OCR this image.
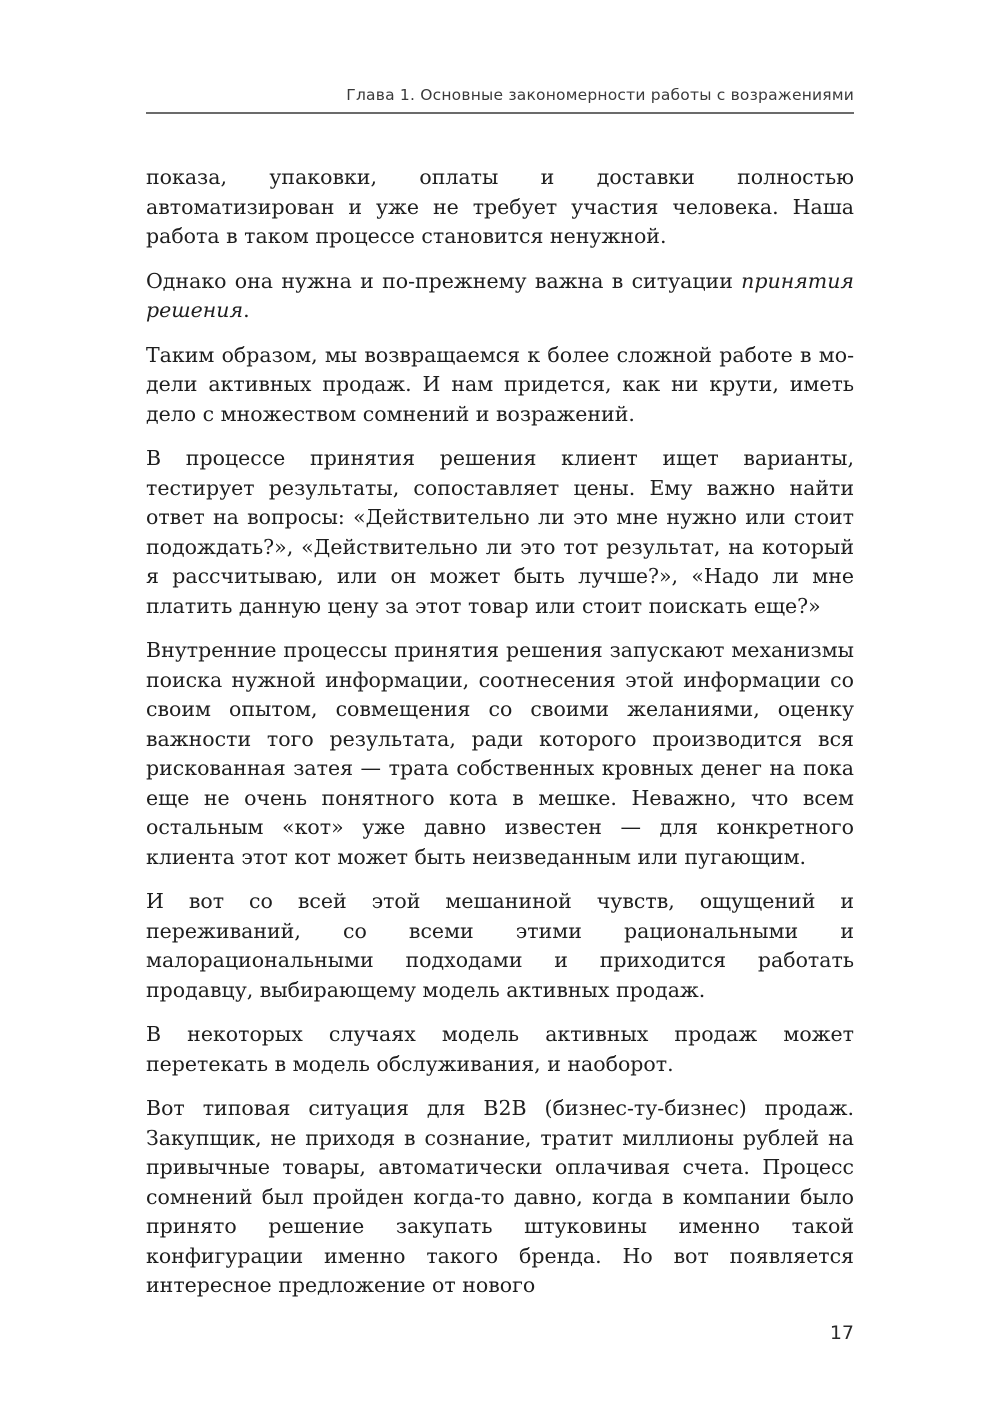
Глава 1. Основные закономерности работы с возражениями

показа, упаковки, оплаты и доставки полностью автоматизирован и уже не требует участия человека. Наша работа в таком процессе становится ненужной.

Однако она нужна и по-прежнему важна в ситуации принятия решения.

Таким образом, мы возвращаемся к более сложной работе в модели активных продаж. И нам придется, как ни крути, иметь дело с множеством сомнений и возражений.

В процессе принятия решения клиент ищет варианты, тестирует результаты, сопоставляет цены. Ему важно найти ответ на вопросы: «Действительно ли это мне нужно или стоит подождать?», «Действительно ли это тот результат, на который я рассчитываю, или он может быть лучше?», «Надо ли мне платить данную цену за этот товар или стоит поискать еще?»

Внутренние процессы принятия решения запускают механизмы поиска нужной информации, соотнесения этой информации со своим опытом, совмещения со своими желаниями, оценку важности того результата, ради которого производится вся рискованная затея — трата собственных кровных денег на пока еще не очень понятного кота в мешке. Неважно, что всем остальным «кот» уже давно известен — для конкретного клиента этот кот может быть неизведанным или пугающим.

И вот со всей этой мешаниной чувств, ощущений и переживаний, со всеми этими рациональными и малорациональными подходами и приходится работать продавцу, выбирающему модель активных продаж.

В некоторых случаях модель активных продаж может перетекать в модель обслуживания, и наоборот.

Вот типовая ситуация для B2B (бизнес-ту-бизнес) продаж. Закупщик, не приходя в сознание, тратит миллионы рублей на привычные товары, автоматически оплачивая счета. Процесс сомнений был пройден когда-то давно, когда в компании было принято решение закупать штуковины именно такой конфигурации именно такого бренда. Но вот появляется интересное предложение от нового

17
